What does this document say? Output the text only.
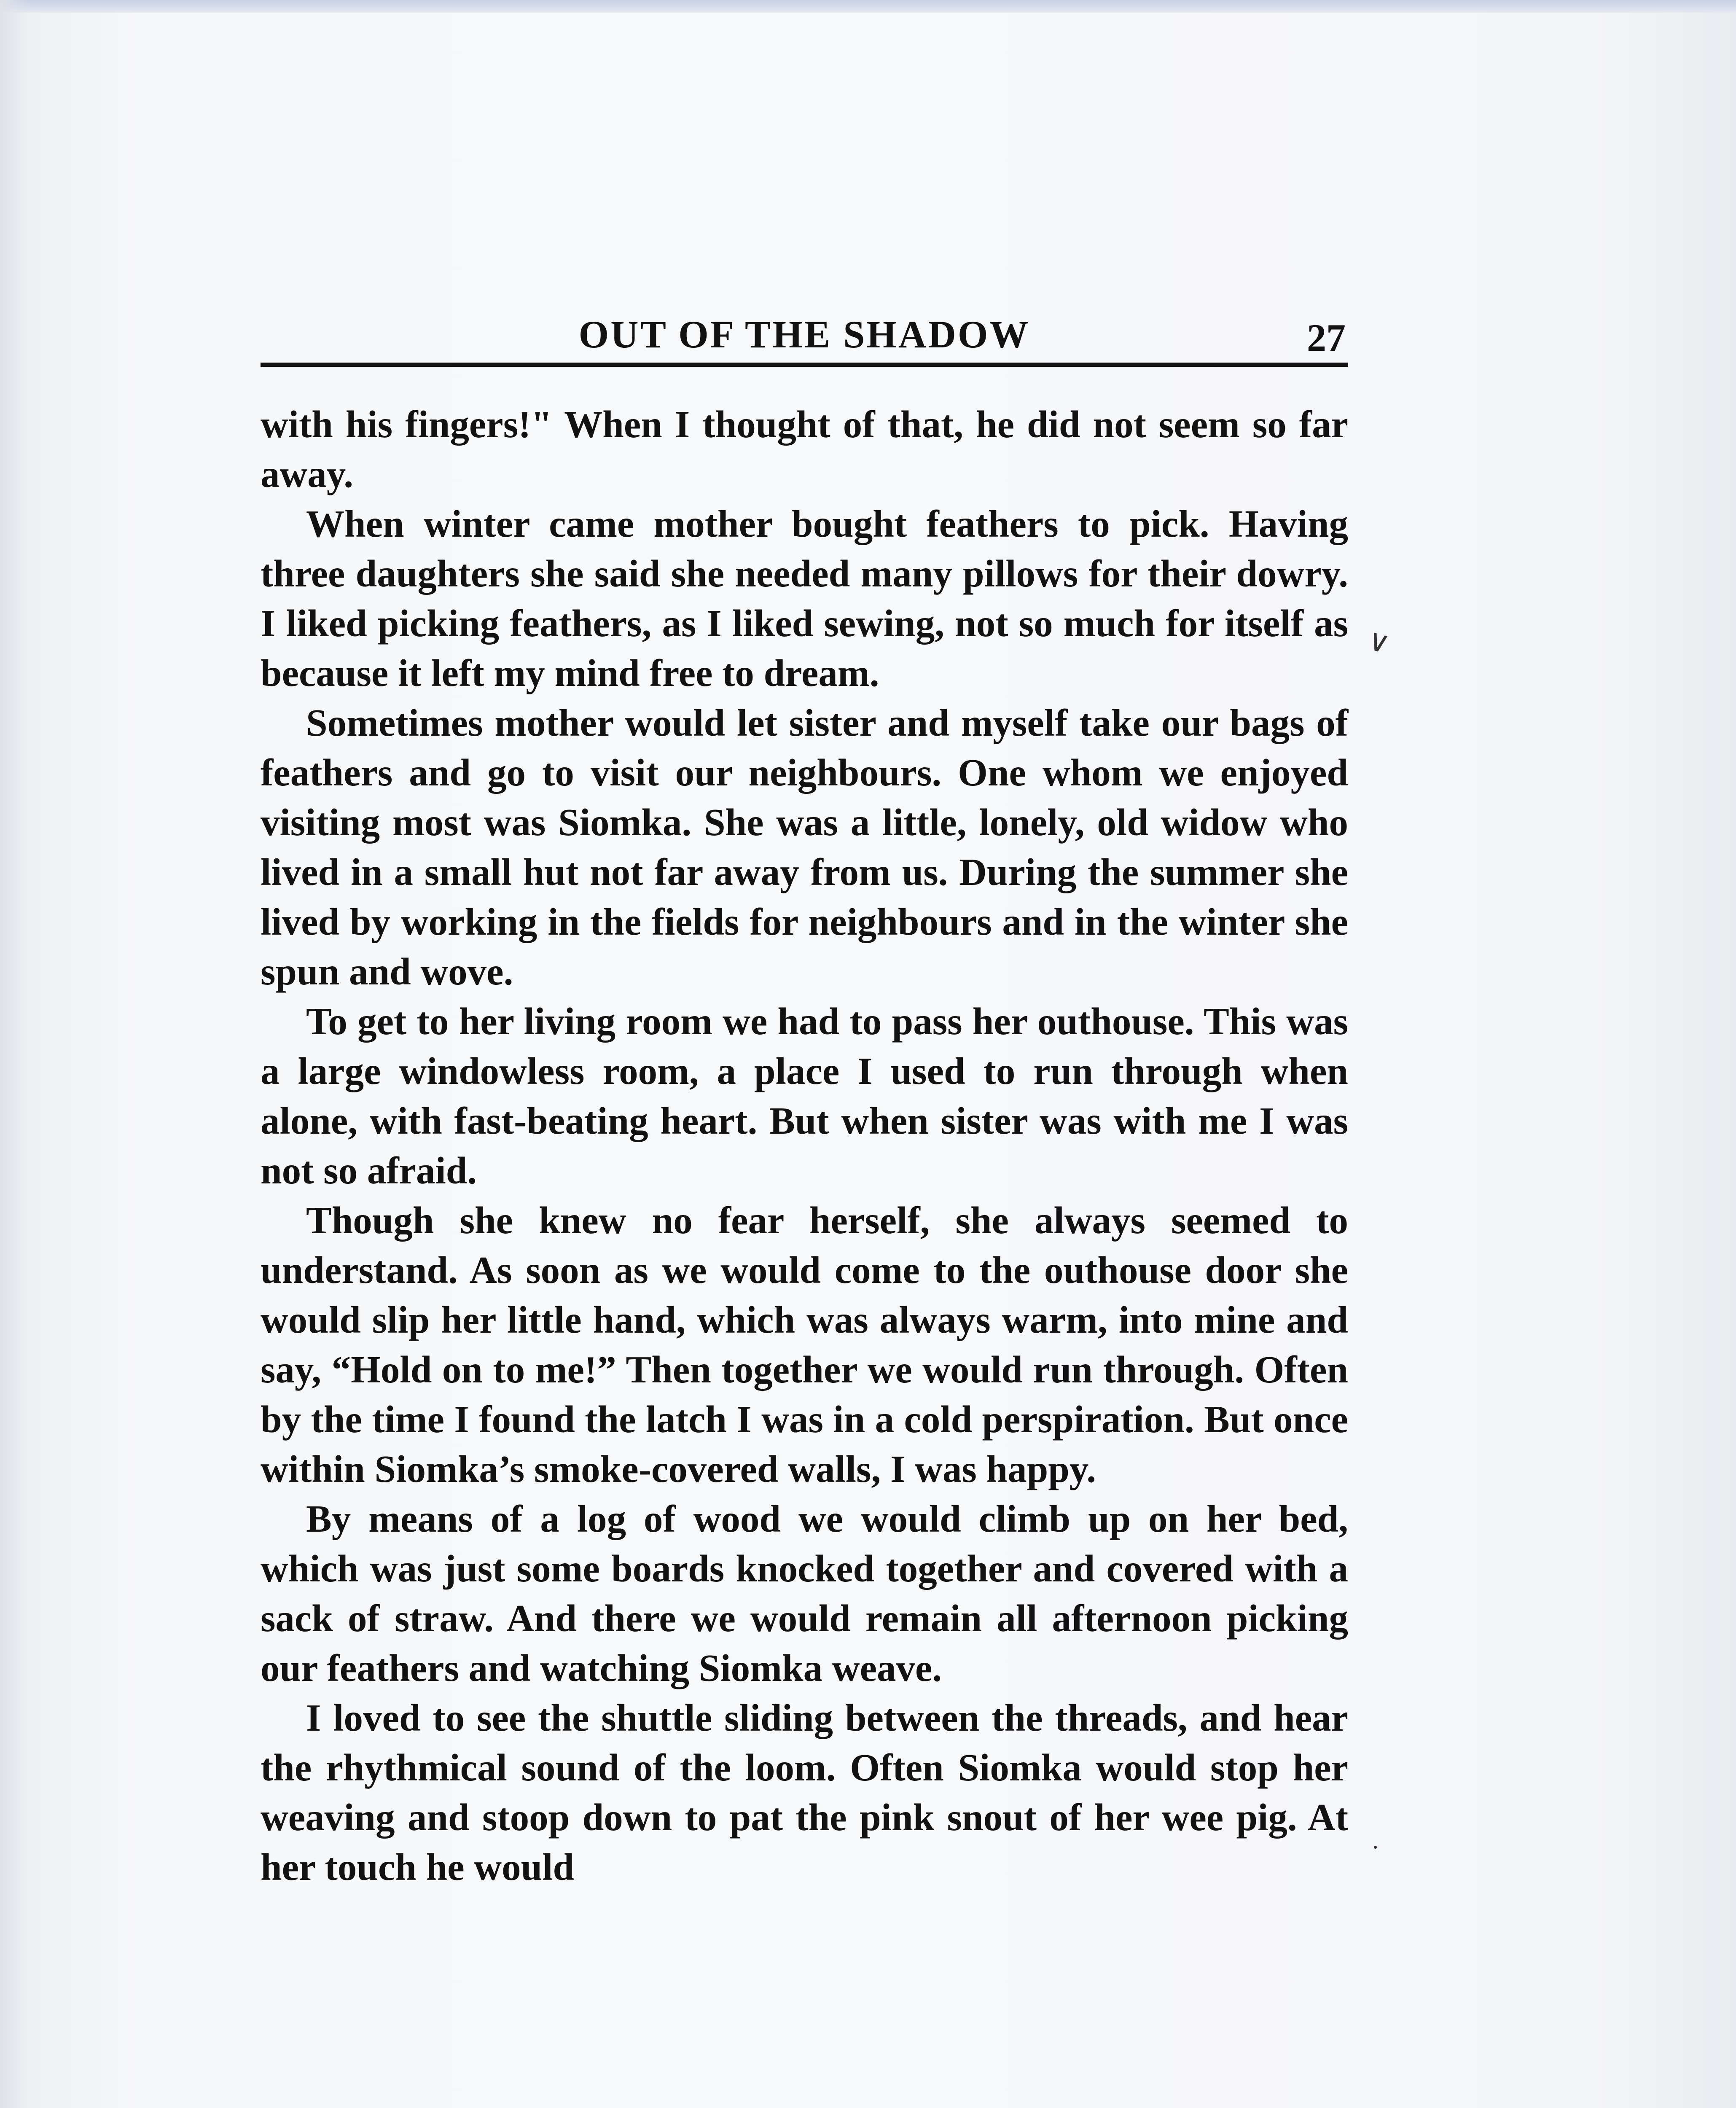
OUT OF THE SHADOW	27

with his fingers!" When I thought of that, he did not seem so far away.

When winter came mother bought feathers to pick. Having three daughters she said she needed many pillows for their dowry. I liked picking feathers, as I liked sewing, not so much for itself as because it left my mind free to dream.

Sometimes mother would let sister and myself take our bags of feathers and go to visit our neighbours. One whom we enjoyed visiting most was Siomka. She was a little, lonely, old widow who lived in a small hut not far away from us. During the summer she lived by working in the fields for neighbours and in the winter she spun and wove.

To get to her living room we had to pass her outhouse. This was a large windowless room, a place I used to run through when alone, with fast-beating heart. But when sister was with me I was not so afraid.

Though she knew no fear herself, she always seemed to understand. As soon as we would come to the outhouse door she would slip her little hand, which was always warm, into mine and say, “Hold on to me!” Then together we would run through. Often by the time I found the latch I was in a cold perspiration. But once within Siomka’s smoke-covered walls, I was happy.

By means of a log of wood we would climb up on her bed, which was just some boards knocked together and covered with a sack of straw. And there we would remain all afternoon picking our feathers and watching Siomka weave.

I loved to see the shuttle sliding between the threads, and hear the rhythmical sound of the loom. Often Siomka would stop her weaving and stoop down to pat the pink snout of her wee pig. At her touch he would

∨
.
